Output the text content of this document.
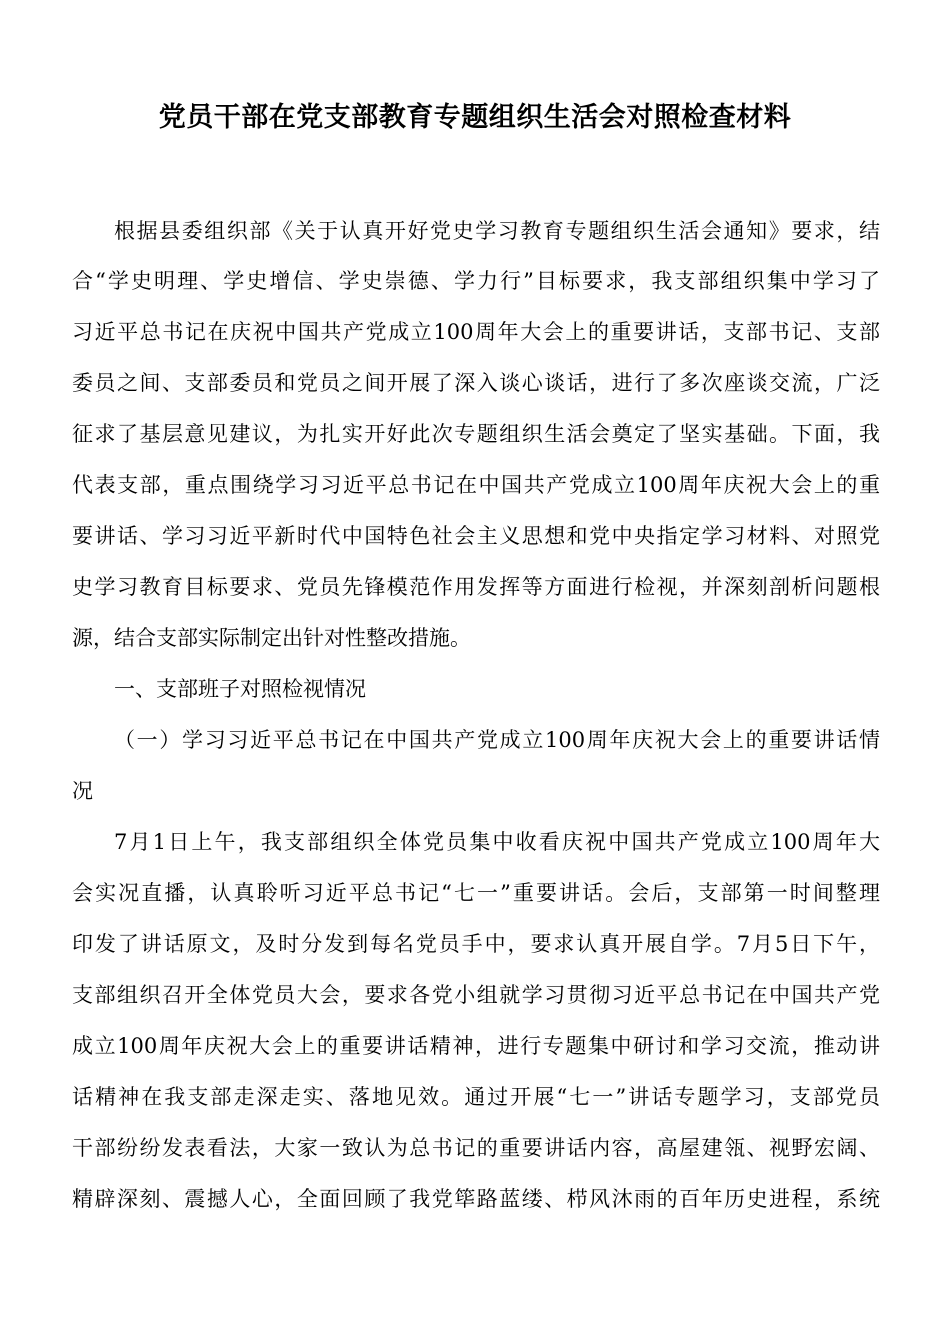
党员干部在党支部教育专题组织生活会对照检查材料
根据县委组织部《关于认真开好党史学习教育专题组织生活会通知》要求，结
合“学史明理、学史增信、学史崇德、学力行”目标要求，我支部组织集中学习了
习近平总书记在庆祝中国共产党成立100周年大会上的重要讲话，支部书记、支部
委员之间、支部委员和党员之间开展了深入谈心谈话，进行了多次座谈交流，广泛
征求了基层意见建议，为扎实开好此次专题组织生活会奠定了坚实基础。下面，我
代表支部，重点围绕学习习近平总书记在中国共产党成立100周年庆祝大会上的重
要讲话、学习习近平新时代中国特色社会主义思想和党中央指定学习材料、对照党
史学习教育目标要求、党员先锋模范作用发挥等方面进行检视，并深刻剖析问题根
源，结合支部实际制定出针对性整改措施。
一、支部班子对照检视情况
（一）学习习近平总书记在中国共产党成立100周年庆祝大会上的重要讲话情
况
7月1日上午，我支部组织全体党员集中收看庆祝中国共产党成立100周年大
会实况直播，认真聆听习近平总书记“七一”重要讲话。会后，支部第一时间整理
印发了讲话原文，及时分发到每名党员手中，要求认真开展自学。7月5日下午，
支部组织召开全体党员大会，要求各党小组就学习贯彻习近平总书记在中国共产党
成立100周年庆祝大会上的重要讲话精神，进行专题集中研讨和学习交流，推动讲
话精神在我支部走深走实、落地见效。通过开展“七一”讲话专题学习，支部党员
干部纷纷发表看法，大家一致认为总书记的重要讲话内容，高屋建瓴、视野宏阔、
精辟深刻、震撼人心，全面回顾了我党筚路蓝缕、栉风沐雨的百年历史进程，系统
